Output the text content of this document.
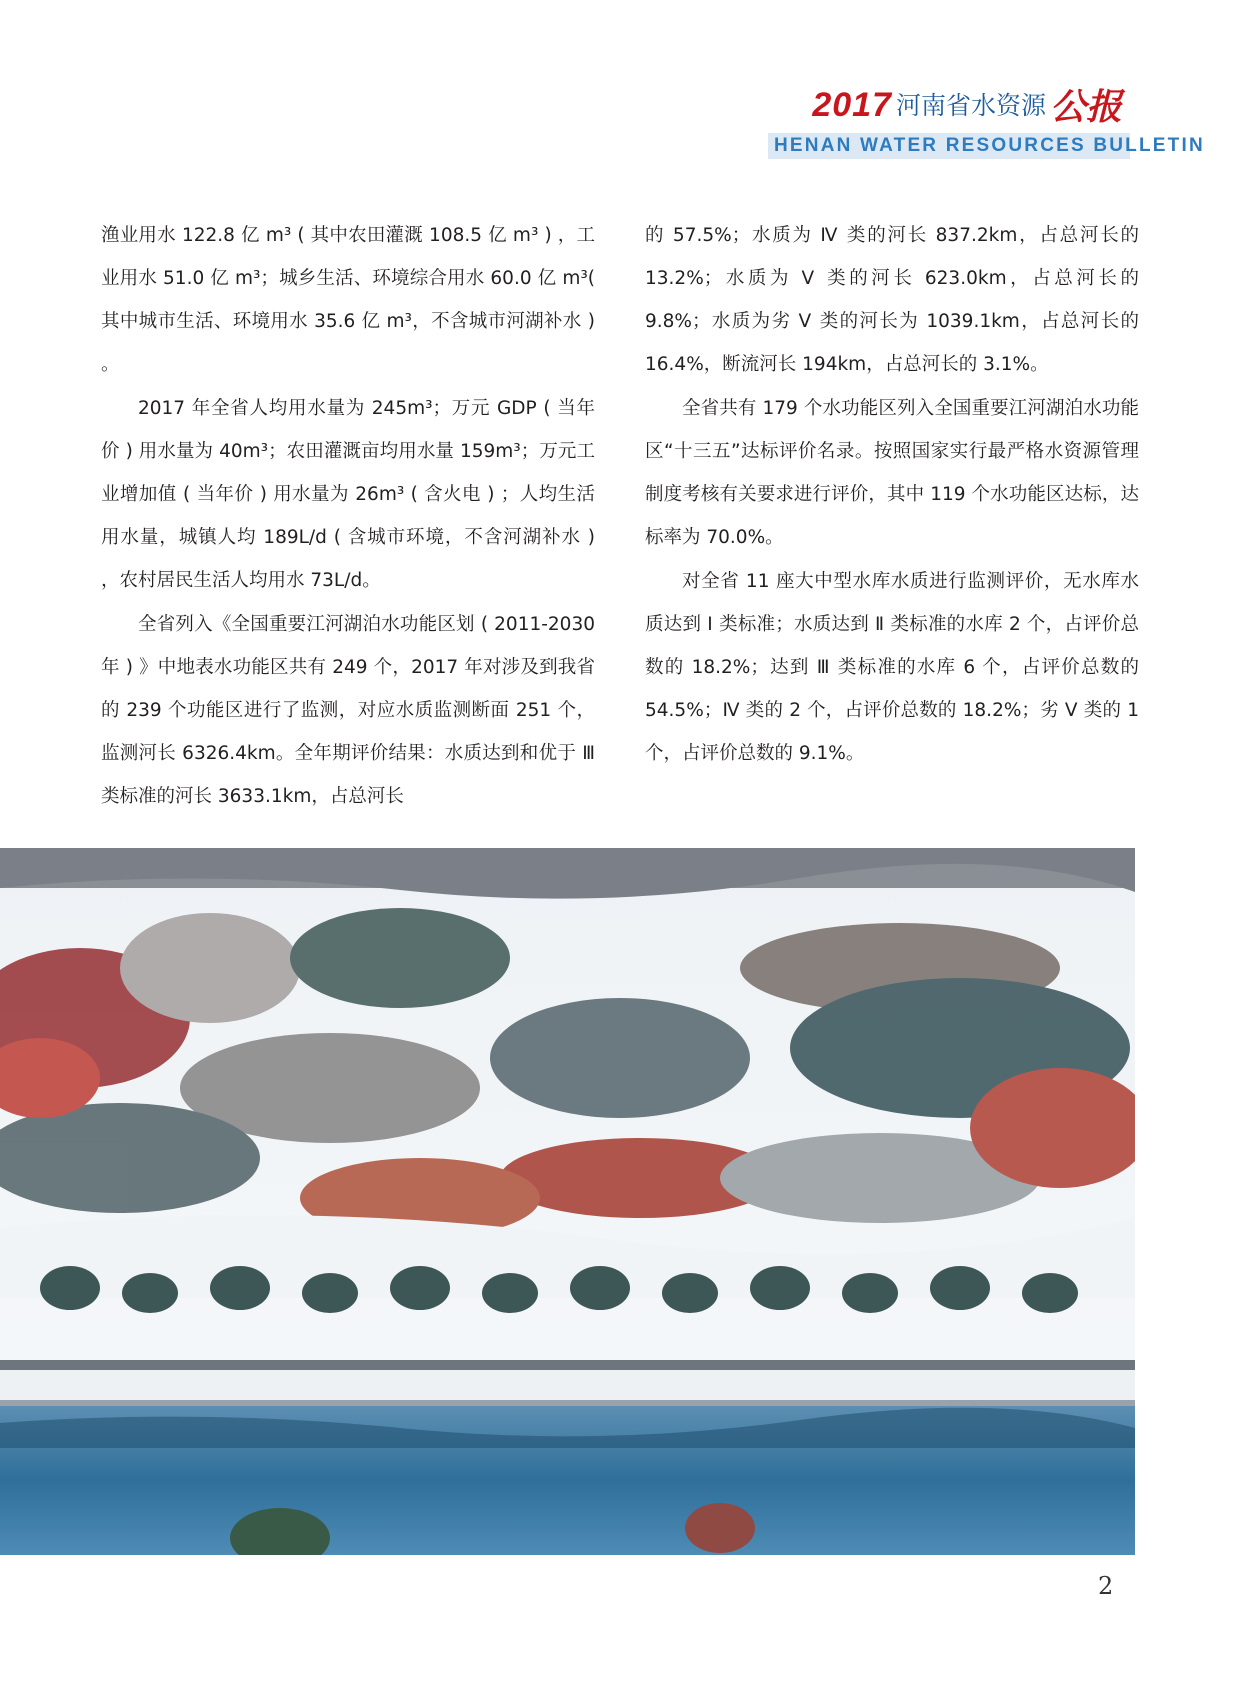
2017 河南省水资源 公报
HENAN WATER RESOURCES BULLETIN

渔业用水 122.8 亿 m³ ( 其中农田灌溉 108.5 亿 m³ ) ，工业用水 51.0 亿 m³；城乡生活、环境综合用水 60.0 亿 m³( 其中城市生活、环境用水 35.6 亿 m³，不含城市河湖补水 ) 。

2017 年全省人均用水量为 245m³；万元 GDP ( 当年价 ) 用水量为 40m³；农田灌溉亩均用水量 159m³；万元工业增加值 ( 当年价 ) 用水量为 26m³ ( 含火电 ) ；人均生活用水量，城镇人均 189L/d ( 含城市环境，不含河湖补水 ) ，农村居民生活人均用水 73L/d。

全省列入《全国重要江河湖泊水功能区划 ( 2011-2030 年 ) 》中地表水功能区共有 249 个，2017 年对涉及到我省的 239 个功能区进行了监测，对应水质监测断面 251 个，监测河长 6326.4km。全年期评价结果：水质达到和优于 Ⅲ 类标准的河长 3633.1km，占总河长

的 57.5%；水质为 Ⅳ 类的河长 837.2km，占总河长的 13.2%；水质为 Ⅴ 类的河长 623.0km，占总河长的 9.8%；水质为劣 Ⅴ 类的河长为 1039.1km，占总河长的 16.4%，断流河长 194km，占总河长的 3.1%。

全省共有 179 个水功能区列入全国重要江河湖泊水功能区“十三五”达标评价名录。按照国家实行最严格水资源管理制度考核有关要求进行评价，其中 119 个水功能区达标，达标率为 70.0%。

对全省 11 座大中型水库水质进行监测评价，无水库水质达到 Ⅰ 类标准；水质达到 Ⅱ 类标准的水库 2 个，占评价总数的 18.2%；达到 Ⅲ 类标准的水库 6 个，占评价总数的 54.5%；Ⅳ 类的 2 个，占评价总数的 18.2%；劣 Ⅴ 类的 1 个，占评价总数的 9.1%。

2
